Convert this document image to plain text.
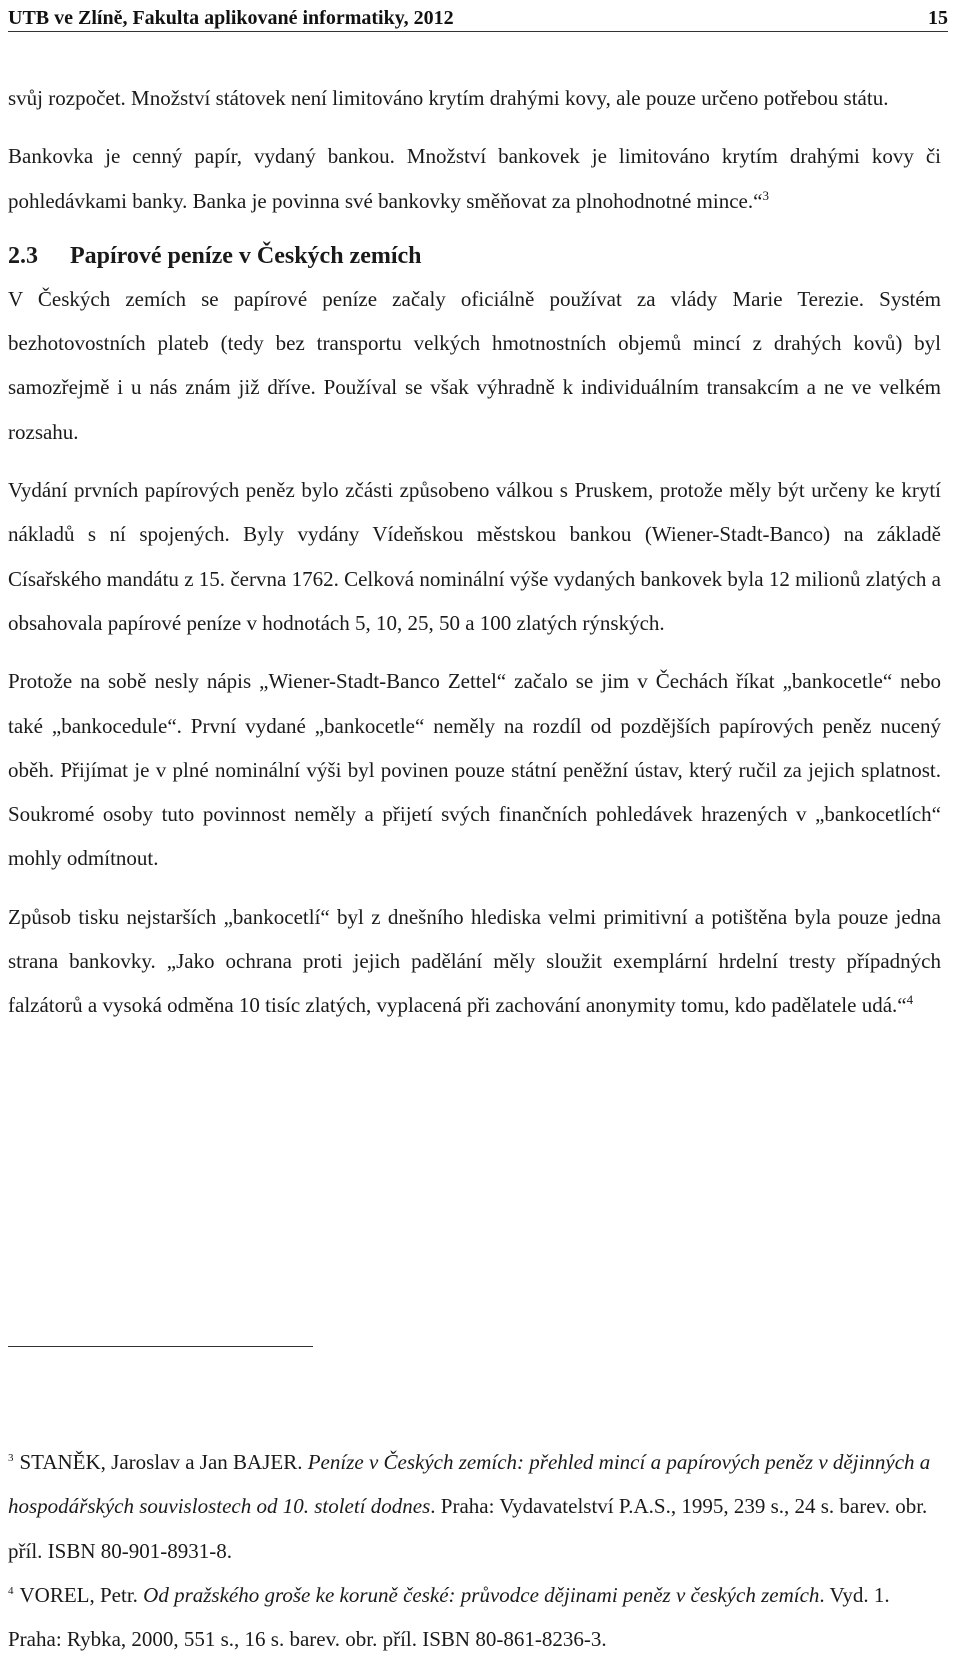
UTB ve Zlíně, Fakulta aplikované informatiky, 2012	15

svůj rozpočet. Množství státovek není limitováno krytím drahými kovy, ale pouze určeno potřebou státu.

Bankovka je cenný papír, vydaný bankou. Množství bankovek je limitováno krytím drahými kovy či pohledávkami banky. Banka je povinna své bankovky směňovat za plnohodnotné mince.“$^3$

2.3 Papírové peníze v Českých zemích

V Českých zemích se papírové peníze začaly oficiálně používat za vlády Marie Terezie. Systém bezhotovostních plateb (tedy bez transportu velkých hmotnostních objemů mincí z drahých kovů) byl samozřejmě i u nás znám již dříve. Používal se však výhradně k individuálním transakcím a ne ve velkém rozsahu.

Vydání prvních papírových peněz bylo zčásti způsobeno válkou s Pruskem, protože měly být určeny ke krytí nákladů s ní spojených. Byly vydány Vídeňskou městskou bankou (Wiener-Stadt-Banco) na základě Císařského mandátu z 15. června 1762. Celková nominální výše vydaných bankovek byla 12 milionů zlatých a obsahovala papírové peníze v hodnotách 5, 10, 25, 50 a 100 zlatých rýnských.

Protože na sobě nesly nápis „Wiener-Stadt-Banco Zettel“ začalo se jim v Čechách říkat „bankocetle“ nebo také „bankocedule“. První vydané „bankocetle“ neměly na rozdíl od pozdějších papírových peněz nucený oběh. Přijímat je v plné nominální výši byl povinen pouze státní peněžní ústav, který ručil za jejich splatnost. Soukromé osoby tuto povinnost neměly a přijetí svých finančních pohledávek hrazených v „bankocetlích“ mohly odmítnout.

Způsob tisku nejstarších „bankocetlí“ byl z dnešního hlediska velmi primitivní a potištěna byla pouze jedna strana bankovky. „Jako ochrana proti jejich padělání měly sloužit exemplární hrdelní tresty případných falzátorů a vysoká odměna 10 tisíc zlatých, vyplacená při zachování anonymity tomu, kdo padělatele udá.“$^4$

$^3$ STANĚK, Jaroslav a Jan BAJER. Peníze v Českých zemích: přehled mincí a papírových peněz v dějinných a hospodářských souvislostech od 10. století dodnes. Praha: Vydavatelství P.A.S., 1995, 239 s., 24 s. barev. obr. příl. ISBN 80-901-8931-8.

$^4$ VOREL, Petr. Od pražského groše ke koruně české: průvodce dějinami peněz v českých zemích. Vyd. 1. Praha: Rybka, 2000, 551 s., 16 s. barev. obr. příl. ISBN 80-861-8236-3.
